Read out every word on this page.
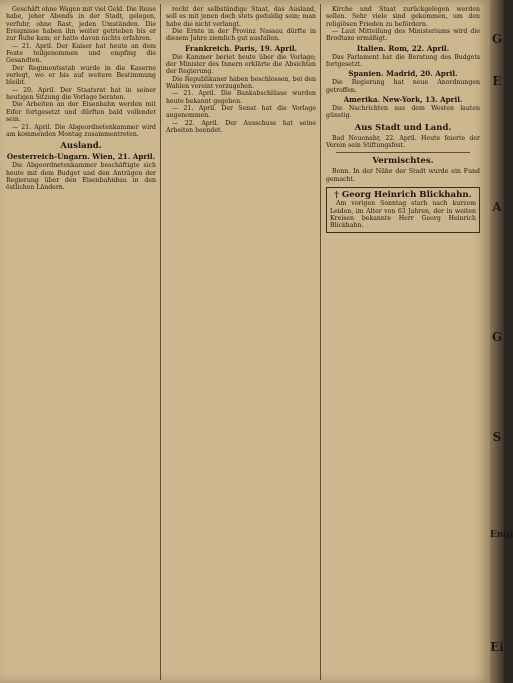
Geschäft ohne Wagen mit viel Geld. Die Reise habe, jeher Abends in der Stadt, gelegen, verfuhr, ohne Rast, jeden Umständen. Die Ereignisse haben ihn weiter getrieben bis er zur Ruhe kam; er hatte davon nichts erfahren.

— 21. April. Der Kaiser hat heute an dem Feste teilgenommen und empfing die Gesandten.

Der Regimentsstab wurde in die Kaserne verlegt, wo er bis auf weitere Bestimmung bleibt.

— 20. April. Der Staatsrat hat in seiner heutigen Sitzung die Vorlage beraten.

Die Arbeiten an der Eisenbahn werden mit Eifer fortgesetzt und dürften bald vollendet sein.

— 21. April. Die Abgeordnetenkammer wird am kommenden Montag zusammentreten.

Ausland.
Oesterreich-Ungarn. Wien, 21. April.

Die Abgeordnetenkammer beschäftigte sich heute mit dem Budget und den Anträgen der Regierung über den Eisenbahnbau in den östlichen Ländern.

recht der selbständige Staat, das Ausland, soll es mit jenen doch stets geduldig sein; man habe die nicht verlangt.

Die Ernte in der Provinz Nassau dürfte in diesem Jahre ziemlich gut ausfallen.

Frankreich. Paris, 19. April.

Die Kammer beriet heute über die Vorlage; der Minister des Innern erklärte die Absichten der Regierung.

Die Republikaner haben beschlossen, bei den Wahlen vereint vorzugehen.

— 21. April. Die Bankabschlüsse wurden heute bekannt gegeben.

— 21. April. Der Senat hat die Vorlage angenommen.

— 22. April. Der Ausschuss hat seine Arbeiten beendet.

Kirche und Staat zurückgelegen werden sollen. Sehr viele sind gekommen, um den religiösen Frieden zu befördern.

— Laut Mitteilung des Ministeriums wird die Brodtaxe ermäßigt.

Italien. Rom, 22. April.

Das Parlament hat die Beratung des Budgets fortgesetzt.

Spanien. Madrid, 20. April.

Die Regierung hat neue Anordnungen getroffen.

Amerika. New-York, 13. April.

Die Nachrichten aus dem Westen lauten günstig.

Aus Stadt und Land.

Bad Neuenahr, 22. April. Heute feierte der Verein sein Stiftungsfest.

Vermischtes.

Bonn. In der Nähe der Stadt wurde ein Fund gemacht.

† Georg Heinrich Blickhahn.

Am vorigen Sonntag starb nach kurzem Leiden, im Alter von 63 Jahren, der in weiten Kreisen bekannte Herr Georg Heinrich Blickhahn.

G
E
A
G
S
Engl
Ei
